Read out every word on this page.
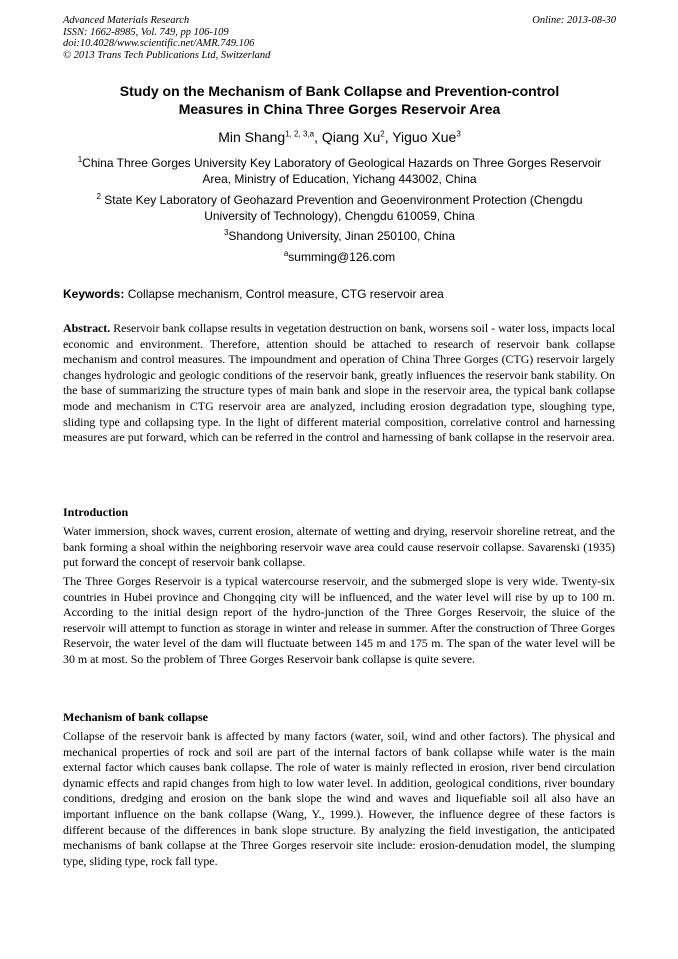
Advanced Materials Research
ISSN: 1662-8985, Vol. 749, pp 106-109
doi:10.4028/www.scientific.net/AMR.749.106
© 2013 Trans Tech Publications Ltd, Switzerland
Online: 2013-08-30
Study on the Mechanism of Bank Collapse and Prevention-control
Measures in China Three Gorges Reservoir Area
Min Shang$^{1, 2, 3,a}$, Qiang Xu$^2$, Yiguo Xue$^3$
$^1$China Three Gorges University Key Laboratory of Geological Hazards on Three Gorges Reservoir
Area, Ministry of Education, Yichang 443002, China
$^2$ State Key Laboratory of Geohazard Prevention and Geoenvironment Protection (Chengdu
University of Technology), Chengdu 610059, China
$^3$Shandong University, Jinan 250100, China
$^a$summing@126.com
Keywords: Collapse mechanism, Control measure, CTG reservoir area
Abstract. Reservoir bank collapse results in vegetation destruction on bank, worsens soil - water loss, impacts local economic and environment. Therefore, attention should be attached to research of reservoir bank collapse mechanism and control measures. The impoundment and operation of China Three Gorges (CTG) reservoir largely changes hydrologic and geologic conditions of the reservoir bank, greatly influences the reservoir bank stability. On the base of summarizing the structure types of main bank and slope in the reservoir area, the typical bank collapse mode and mechanism in CTG reservoir area are analyzed, including erosion degradation type, sloughing type, sliding type and collapsing type. In the light of different material composition, correlative control and harnessing measures are put forward, which can be referred in the control and harnessing of bank collapse in the reservoir area.
Introduction
Water immersion, shock waves, current erosion, alternate of wetting and drying, reservoir shoreline retreat, and the bank forming a shoal within the neighboring reservoir wave area could cause reservoir collapse. Savarenski (1935) put forward the concept of reservoir bank collapse.
The Three Gorges Reservoir is a typical watercourse reservoir, and the submerged slope is very wide. Twenty-six countries in Hubei province and Chongqing city will be influenced, and the water level will rise by up to 100 m. According to the initial design report of the hydro-junction of the Three Gorges Reservoir, the sluice of the reservoir will attempt to function as storage in winter and release in summer. After the construction of Three Gorges Reservoir, the water level of the dam will fluctuate between 145 m and 175 m. The span of the water level will be 30 m at most. So the problem of Three Gorges Reservoir bank collapse is quite severe.
Mechanism of bank collapse
Collapse of the reservoir bank is affected by many factors (water, soil, wind and other factors). The physical and mechanical properties of rock and soil are part of the internal factors of bank collapse while water is the main external factor which causes bank collapse. The role of water is mainly reflected in erosion, river bend circulation dynamic effects and rapid changes from high to low water level. In addition, geological conditions, river boundary conditions, dredging and erosion on the bank slope the wind and waves and liquefiable soil all also have an important influence on the bank collapse (Wang, Y., 1999.). However, the influence degree of these factors is different because of the differences in bank slope structure. By analyzing the field investigation, the anticipated mechanisms of bank collapse at the Three Gorges reservoir site include: erosion-denudation model, the slumping type, sliding type, rock fall type.
